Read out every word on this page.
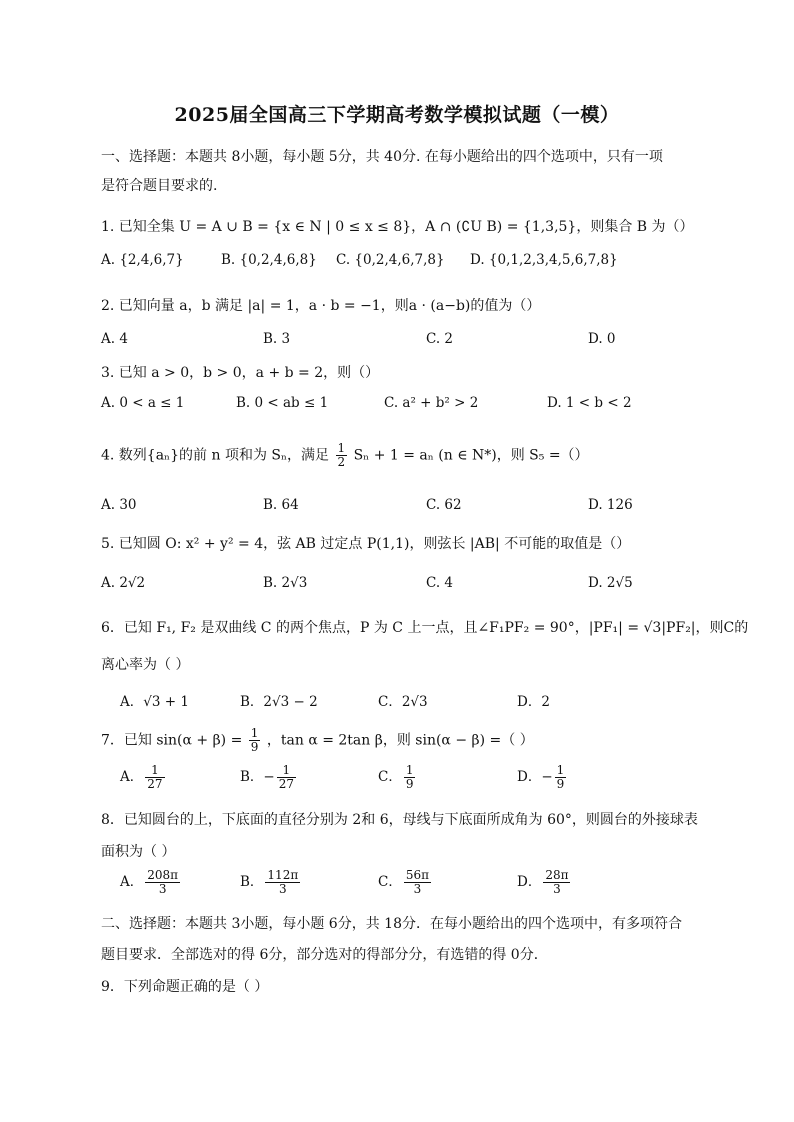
2025届全国高三下学期高考数学模拟试题（一模）
一、选择题：本题共 8小题，每小题 5分，共 40分. 在每小题给出的四个选项中，只有一项
是符合题目要求的.
1. 已知全集 U = A ∪ B = {x ∈ N | 0 ≤ x ≤ 8}，A ∩ (∁U B) = {1,3,5}，则集合 B 为（）
A. {2,4,6,7}	B. {0,2,4,6,8} C. {0,2,4,6,7,8} D. {0,1,2,3,4,5,6,7,8}
2. 已知向量 a，b 满足 |a| = 1，a · b = −1，则a · (a−b)的值为（）
A. 4	B. 3	C. 2	D. 0
3. 已知 a > 0，b > 0，a + b = 2，则（）
A. 0 < a ≤ 1	B. 0 < ab ≤ 1	C. a² + b² > 2	D. 1 < b < 2
4. 数列{aₙ}的前 n 项和为 Sₙ，满足 $\frac{1}{2}$ Sₙ + 1 = aₙ (n ∈ N*)，则 S₅ =（）
A. 30	B. 64	C. 62	D. 126
5. 已知圆 O: x² + y² = 4，弦 AB 过定点 P(1,1)，则弦长 |AB| 不可能的取值是（）
A. 2√2	B. 2√3	C. 4	D. 2√5
6．已知 F₁, F₂ 是双曲线 C 的两个焦点，P 为 C 上一点，且∠F₁PF₂ = 90°，|PF₁| = √3|PF₂|，则C的
离心率为（ ）
A．√3 + 1	B．2√3 − 2	C．2√3	D．2
7．已知 $\sin(\alpha + \beta) = \frac{1}{9}$ ，tan α = 2tan β，则 sin(α − β) =（ ）
A． $\frac{1}{27}$	B．− $\frac{1}{27}$	C． $\frac{1}{9}$	D．− $\frac{1}{9}$
8．已知圆台的上，下底面的直径分别为 2和 6，母线与下底面所成角为 60°，则圆台的外接球表
面积为（ ）
A． $\frac{208\pi}{3}$	B． $\frac{112\pi}{3}$	C． $\frac{56\pi}{3}$	D． $\frac{28\pi}{3}$
二、选择题：本题共 3小题，每小题 6分，共 18分．在每小题给出的四个选项中，有多项符合
题目要求．全部选对的得 6分，部分选对的得部分分，有选错的得 0分．
9．下列命题正确的是（ ）
